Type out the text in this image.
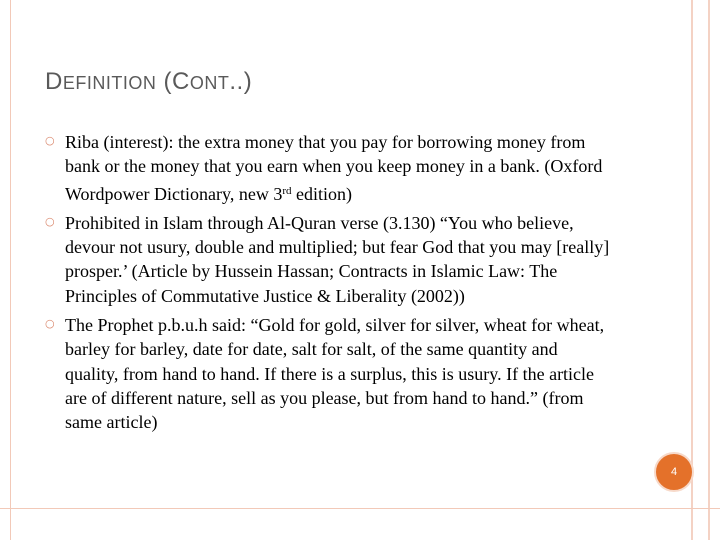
DEFINITION (CONT..)
○ Riba (interest): the extra money that you pay for borrowing money from bank or the money that you earn when you keep money in a bank. (Oxford Wordpower Dictionary, new 3rd edition)
○ Prohibited in Islam through Al-Quran verse (3.130) “You who believe, devour not usury, double and multiplied; but fear God that you may [really] prosper.’ (Article by Hussein Hassan; Contracts in Islamic Law: The Principles of Commutative Justice & Liberality (2002))
○ The Prophet p.b.u.h said: “Gold for gold, silver for silver, wheat for wheat, barley for barley, date for date, salt for salt, of the same quantity and quality, from hand to hand. If there is a surplus, this is usury. If the article are of different nature, sell as you please, but from hand to hand.” (from same article)
4
